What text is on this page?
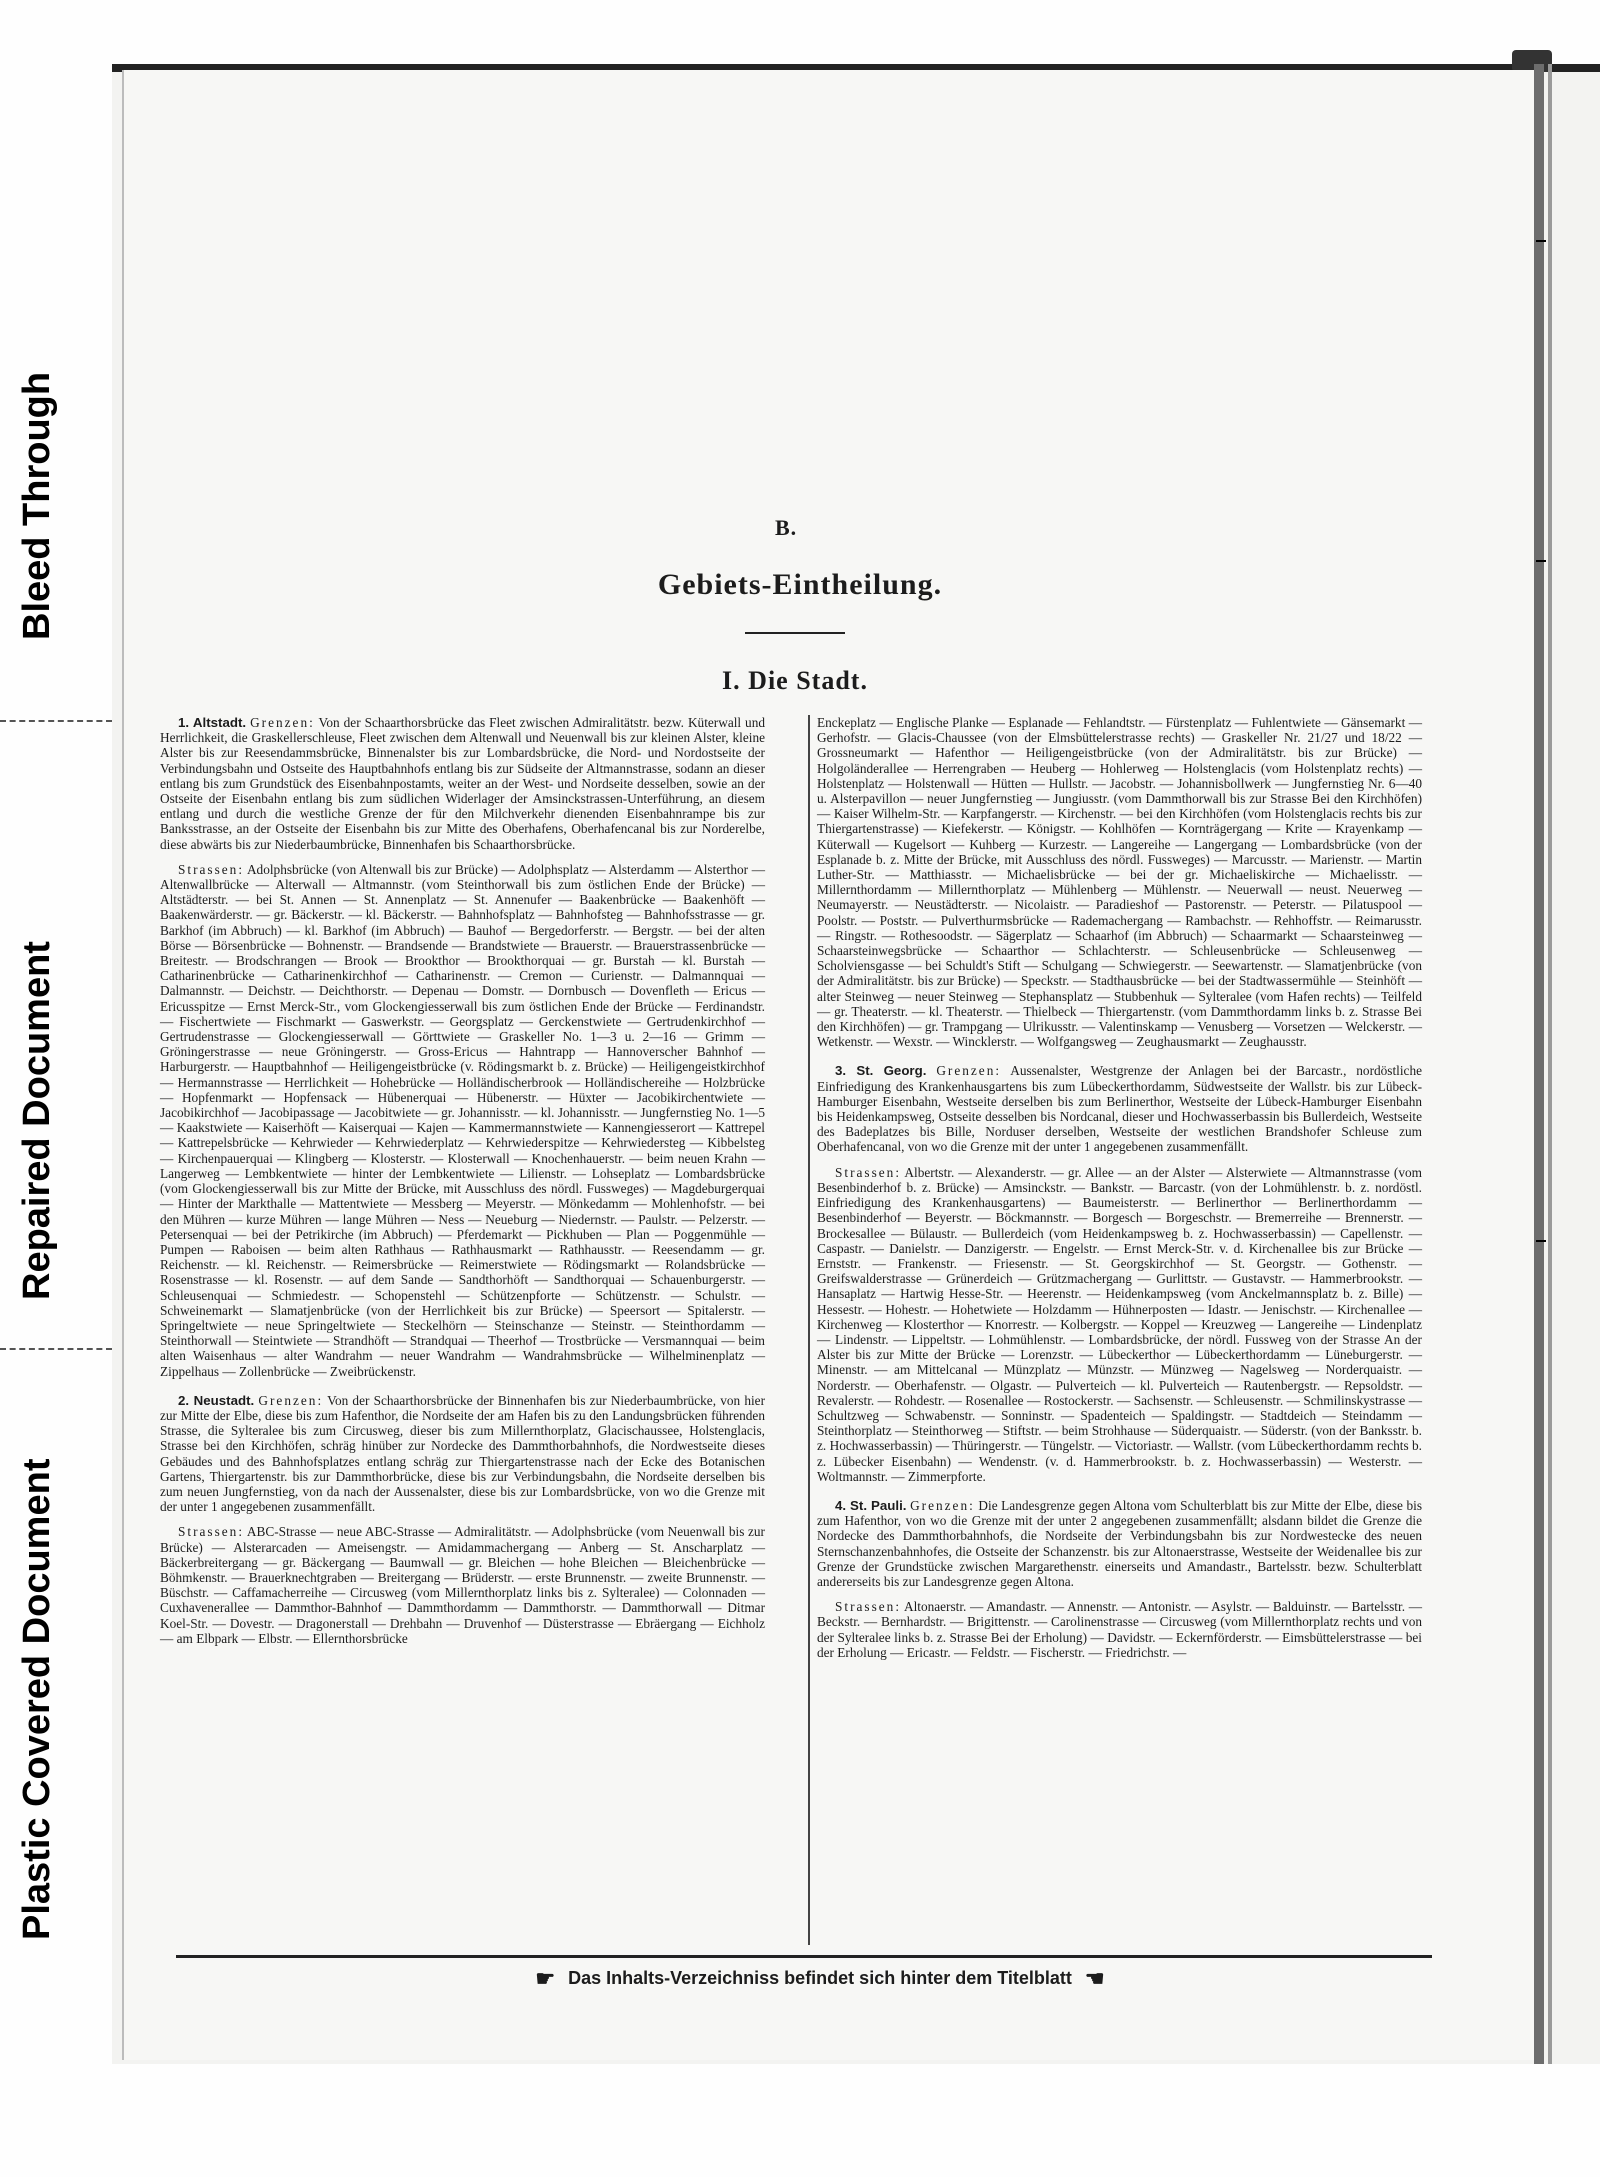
Bleed Through
Repaired Document
Plastic Covered Document
B.
Gebiets-Eintheilung.
I. Die Stadt.

1. Altstadt. Grenzen: Von der Schaarthorsbrücke das Fleet zwischen Admiralitätstr. bezw. Küterwall und Herrlichkeit, die Graskellerschleuse, Fleet zwischen dem Altenwall und Neuenwall bis zur kleinen Alster, kleine Alster bis zur Reesendammsbrücke, Binnenalster bis zur Lombardsbrücke, die Nord- und Nordostseite der Verbindungsbahn und Ostseite des Hauptbahnhofs entlang bis zur Südseite der Altmannstrasse, sodann an dieser entlang bis zum Grundstück des Eisenbahnpostamts, weiter an der West- und Nordseite desselben, sowie an der Ostseite der Eisenbahn entlang bis zum südlichen Widerlager der Amsinckstrassen-Unterführung, an diesem entlang und durch die westliche Grenze der für den Milchverkehr dienenden Eisenbahnrampe bis zur Banksstrasse, an der Ostseite der Eisenbahn bis zur Mitte des Oberhafens, Oberhafencanal bis zur Norderelbe, diese abwärts bis zur Niederbaumbrücke, Binnenhafen bis Schaarthorsbrücke.

Strassen: Adolphsbrücke (von Altenwall bis zur Brücke) — Adolphsplatz — Alsterdamm — Alsterthor — Altenwallbrücke — Alterwall — Altmannstr. (vom Steinthorwall bis zum östlichen Ende der Brücke) — Altstädterstr. — bei St. Annen — St. Annenplatz — St. Annenufer — Baakenbrücke — Baakenhöft — Baakenwärderstr. — gr. Bäckerstr. — kl. Bäckerstr. — Bahnhofsplatz — Bahnhofsteg — Bahnhofsstrasse — gr. Barkhof (im Abbruch) — kl. Barkhof (im Abbruch) — Bauhof — Bergedorferstr. — Bergstr. — bei der alten Börse — Börsenbrücke — Bohnenstr. — Brandsende — Brandstwiete — Brauerstr. — Brauerstrassenbrücke — Breitestr. — Brodschrangen — Brook — Brookthor — Brookthorquai — gr. Burstah — kl. Burstah — Catharinenbrücke — Catharinenkirchhof — Catharinenstr. — Cremon — Curienstr. — Dalmannquai — Dalmannstr. — Deichstr. — Deichthorstr. — Depenau — Domstr. — Dornbusch — Dovenfleth — Ericus — Ericusspitze — Ernst Merck-Str., vom Glockengiesserwall bis zum östlichen Ende der Brücke — Ferdinandstr. — Fischertwiete — Fischmarkt — Gaswerkstr. — Georgsplatz — Gerckenstwiete — Gertrudenkirchhof — Gertrudenstrasse — Glockengiesserwall — Görttwiete — Graskeller No. 1—3 u. 2—16 — Grimm — Gröningerstrasse — neue Gröningerstr. — Gross-Ericus — Hahntrapp — Hannoverscher Bahnhof — Harburgerstr. — Hauptbahnhof — Heiligengeistbrücke (v. Rödingsmarkt b. z. Brücke) — Heiligengeistkirchhof — Hermannstrasse — Herrlichkeit — Hohebrücke — Holländischerbrook — Holländischereihe — Holzbrücke — Hopfenmarkt — Hopfensack — Hübenerquai — Hübenerstr. — Hüxter — Jacobikirchentwiete — Jacobikirchhof — Jacobipassage — Jacobitwiete — gr. Johannisstr. — kl. Johannisstr. — Jungfernstieg No. 1—5 — Kaakstwiete — Kaiserhöft — Kaiserquai — Kajen — Kammermannstwiete — Kannengiesserort — Kattrepel — Kattrepelsbrücke — Kehrwieder — Kehrwiederplatz — Kehrwiederspitze — Kehrwiedersteg — Kibbelsteg — Kirchenpauerquai — Klingberg — Klosterstr. — Klosterwall — Knochenhauerstr. — beim neuen Krahn — Langerweg — Lembkentwiete — hinter der Lembkentwiete — Lilienstr. — Lohseplatz — Lombardsbrücke (vom Glockengiesserwall bis zur Mitte der Brücke, mit Ausschluss des nördl. Fussweges) — Magdeburgerquai — Hinter der Markthalle — Mattentwiete — Messberg — Meyerstr. — Mönkedamm — Mohlenhofstr. — bei den Mühren — kurze Mühren — lange Mühren — Ness — Neueburg — Niedernstr. — Paulstr. — Pelzerstr. — Petersenquai — bei der Petrikirche (im Abbruch) — Pferdemarkt — Pickhuben — Plan — Poggenmühle — Pumpen — Raboisen — beim alten Rathhaus — Rathhausmarkt — Rathhausstr. — Reesendamm — gr. Reichenstr. — kl. Reichenstr. — Reimersbrücke — Reimerstwiete — Rödingsmarkt — Rolandsbrücke — Rosenstrasse — kl. Rosenstr. — auf dem Sande — Sandthorhöft — Sandthorquai — Schauenburgerstr. — Schleusenquai — Schmiedestr. — Schopenstehl — Schützenpforte — Schützenstr. — Schulstr. — Schweinemarkt — Slamatjenbrücke (von der Herrlichkeit bis zur Brücke) — Speersort — Spitalerstr. — Springeltwiete — neue Springeltwiete — Steckelhörn — Steinschanze — Steinstr. — Steinthordamm — Steinthorwall — Steintwiete — Strandhöft — Strandquai — Theerhof — Trostbrücke — Versmannquai — beim alten Waisenhaus — alter Wandrahm — neuer Wandrahm — Wandrahmsbrücke — Wilhelminenplatz — Zippelhaus — Zollenbrücke — Zweibrückenstr.

2. Neustadt. Grenzen: Von der Schaarthorsbrücke der Binnenhafen bis zur Niederbaumbrücke, von hier zur Mitte der Elbe, diese bis zum Hafenthor, die Nordseite der am Hafen bis zu den Landungsbrücken führenden Strasse, die Sylteralee bis zum Circusweg, dieser bis zum Millernthorplatz, Glacischaussee, Holstenglacis, Strasse bei den Kirchhöfen, schräg hinüber zur Nordecke des Dammthorbahnhofs, die Nordwestseite dieses Gebäudes und des Bahnhofsplatzes entlang schräg zur Thiergartenstrasse nach der Ecke des Botanischen Gartens, Thiergartenstr. bis zur Dammthorbrücke, diese bis zur Verbindungsbahn, die Nordseite derselben bis zum neuen Jungfernstieg, von da nach der Aussenalster, diese bis zur Lombardsbrücke, von wo die Grenze mit der unter 1 angegebenen zusammenfällt.

Strassen: ABC-Strasse — neue ABC-Strasse — Admiralitätstr. — Adolphsbrücke (vom Neuenwall bis zur Brücke) — Alsterarcaden — Ameisengstr. — Amidammachergang — Anberg — St. Anscharplatz — Bäckerbreitergang — gr. Bäckergang — Baumwall — gr. Bleichen — hohe Bleichen — Bleichenbrücke — Böhmkenstr. — Brauerknechtgraben — Breitergang — Brüderstr. — erste Brunnenstr. — zweite Brunnenstr. — Büschstr. — Caffamacherreihe — Circusweg (vom Millernthorplatz links bis z. Sylteralee) — Colonnaden — Cuxhavenerallee — Dammthor-Bahnhof — Dammthordamm — Dammthorstr. — Dammthorwall — Ditmar Koel-Str. — Dovestr. — Dragonerstall — Drehbahn — Druvenhof — Düsterstrasse — Ebräergang — Eichholz — am Elbpark — Elbstr. — Ellernthorsbrücke

Enckeplatz — Englische Planke — Esplanade — Fehlandtstr. — Fürstenplatz — Fuhlentwiete — Gänsemarkt — Gerhofstr. — Glacis-Chaussee (von der Elmsbüttelerstrasse rechts) — Graskeller Nr. 21/27 und 18/22 — Grossneumarkt — Hafenthor — Heiligengeistbrücke (von der Admiralitätstr. bis zur Brücke) — Holgoländerallee — Herrengraben — Heuberg — Hohlerweg — Holstenglacis (vom Holstenplatz rechts) — Holstenplatz — Holstenwall — Hütten — Hullstr. — Jacobstr. — Johannisbollwerk — Jungfernstieg Nr. 6—40 u. Alsterpavillon — neuer Jungfernstieg — Jungiusstr. (vom Dammthorwall bis zur Strasse Bei den Kirchhöfen) — Kaiser Wilhelm-Str. — Karpfangerstr. — Kirchenstr. — bei den Kirchhöfen (vom Holstenglacis rechts bis zur Thiergartenstrasse) — Kiefekerstr. — Königstr. — Kohlhöfen — Kornträgergang — Krite — Krayenkamp — Küterwall — Kugelsort — Kuhberg — Kurzestr. — Langereihe — Langergang — Lombardsbrücke (von der Esplanade b. z. Mitte der Brücke, mit Ausschluss des nördl. Fussweges) — Marcusstr. — Marienstr. — Martin Luther-Str. — Matthiasstr. — Michaelisbrücke — bei der gr. Michaeliskirche — Michaelisstr. — Millernthordamm — Millernthorplatz — Mühlenberg — Mühlenstr. — Neuerwall — neust. Neuerweg — Neumayerstr. — Neustädterstr. — Nicolaistr. — Paradieshof — Pastorenstr. — Peterstr. — Pilatuspool — Poolstr. — Poststr. — Pulverthurmsbrücke — Rademachergang — Rambachstr. — Rehhoffstr. — Reimarusstr. — Ringstr. — Rothesoodstr. — Sägerplatz — Schaarhof (im Abbruch) — Schaarmarkt — Schaarsteinweg — Schaarsteinwegsbrücke — Schaarthor — Schlachterstr. — Schleusenbrücke — Schleusenweg — Scholviensgasse — bei Schuldt's Stift — Schulgang — Schwiegerstr. — Seewartenstr. — Slamatjenbrücke (von der Admiralitätstr. bis zur Brücke) — Speckstr. — Stadthausbrücke — bei der Stadtwassermühle — Steinhöft — alter Steinweg — neuer Steinweg — Stephansplatz — Stubbenhuk — Sylteralee (vom Hafen rechts) — Teilfeld — gr. Theaterstr. — kl. Theaterstr. — Thielbeck — Thiergartenstr. (vom Dammthordamm links b. z. Strasse Bei den Kirchhöfen) — gr. Trampgang — Ulrikusstr. — Valentinskamp — Venusberg — Vorsetzen — Welckerstr. — Wetkenstr. — Wexstr. — Wincklerstr. — Wolfgangsweg — Zeughausmarkt — Zeughausstr.

3. St. Georg. Grenzen: Aussenalster, Westgrenze der Anlagen bei der Barcastr., nordöstliche Einfriedigung des Krankenhausgartens bis zum Lübeckerthordamm, Südwestseite der Wallstr. bis zur Lübeck-Hamburger Eisenbahn, Westseite derselben bis zum Berlinerthor, Westseite der Lübeck-Hamburger Eisenbahn bis Heidenkampsweg, Ostseite desselben bis Nordcanal, dieser und Hochwasserbassin bis Bullerdeich, Westseite des Badeplatzes bis Bille, Norduser derselben, Westseite der westlichen Brandshofer Schleuse zum Oberhafencanal, von wo die Grenze mit der unter 1 angegebenen zusammenfällt.

Strassen: Albertstr. — Alexanderstr. — gr. Allee — an der Alster — Alsterwiete — Altmannstrasse (vom Besenbinderhof b. z. Brücke) — Amsinckstr. — Bankstr. — Barcastr. (von der Lohmühlenstr. b. z. nordöstl. Einfriedigung des Krankenhausgartens) — Baumeisterstr. — Berlinerthor — Berlinerthordamm — Besenbinderhof — Beyerstr. — Böckmannstr. — Borgesch — Borgeschstr. — Bremerreihe — Brennerstr. — Brockesallee — Bülaustr. — Bullerdeich (vom Heidenkampsweg b. z. Hochwasserbassin) — Capellenstr. — Caspastr. — Danielstr. — Danzigerstr. — Engelstr. — Ernst Merck-Str. v. d. Kirchenallee bis zur Brücke — Ernststr. — Frankenstr. — Friesenstr. — St. Georgskirchhof — St. Georgstr. — Gothenstr. — Greifswalderstrasse — Grünerdeich — Grützmachergang — Gurlittstr. — Gustavstr. — Hammerbrookstr. — Hansaplatz — Hartwig Hesse-Str. — Heerenstr. — Heidenkampsweg (vom Anckelmannsplatz b. z. Bille) — Hessestr. — Hohestr. — Hohetwiete — Holzdamm — Hühnerposten — Idastr. — Jenischstr. — Kirchenallee — Kirchenweg — Klosterthor — Knorrestr. — Kolbergstr. — Koppel — Kreuzweg — Langereihe — Lindenplatz — Lindenstr. — Lippeltstr. — Lohmühlenstr. — Lombardsbrücke, der nördl. Fussweg von der Strasse An der Alster bis zur Mitte der Brücke — Lorenzstr. — Lübeckerthor — Lübeckerthordamm — Lüneburgerstr. — Minenstr. — am Mittelcanal — Münzplatz — Münzstr. — Münzweg — Nagelsweg — Norderquaistr. — Norderstr. — Oberhafenstr. — Olgastr. — Pulverteich — kl. Pulverteich — Rautenbergstr. — Repsoldstr. — Revalerstr. — Rohdestr. — Rosenallee — Rostockerstr. — Sachsenstr. — Schleusenstr. — Schmilinskystrasse — Schultzweg — Schwabenstr. — Sonninstr. — Spadenteich — Spaldingstr. — Stadtdeich — Steindamm — Steinthorplatz — Steinthorweg — Stiftstr. — beim Strohhause — Süderquaistr. — Süderstr. (von der Banksstr. b. z. Hochwasserbassin) — Thüringerstr. — Tüngelstr. — Victoriastr. — Wallstr. (vom Lübeckerthordamm rechts b. z. Lübecker Eisenbahn) — Wendenstr. (v. d. Hammerbrookstr. b. z. Hochwasserbassin) — Westerstr. — Woltmannstr. — Zimmerpforte.

4. St. Pauli. Grenzen: Die Landesgrenze gegen Altona vom Schulterblatt bis zur Mitte der Elbe, diese bis zum Hafenthor, von wo die Grenze mit der unter 2 angegebenen zusammenfällt; alsdann bildet die Grenze die Nordecke des Dammthorbahnhofs, die Nordseite der Verbindungsbahn bis zur Nordwestecke des neuen Sternschanzenbahnhofes, die Ostseite der Schanzenstr. bis zur Altonaerstrasse, Westseite der Weidenallee bis zur Grenze der Grundstücke zwischen Margarethenstr. einerseits und Amandastr., Bartelsstr. bezw. Schulterblatt andererseits bis zur Landesgrenze gegen Altona.

Strassen: Altonaerstr. — Amandastr. — Annenstr. — Antonistr. — Asylstr. — Balduinstr. — Bartelsstr. — Beckstr. — Bernhardstr. — Brigittenstr. — Carolinenstrasse — Circusweg (vom Millernthorplatz rechts und von der Sylteralee links b. z. Strasse Bei der Erholung) — Davidstr. — Eckernförderstr. — Eimsbüttelerstrasse — bei der Erholung — Ericastr. — Feldstr. — Fischerstr. — Friedrichstr. —

☛ Das Inhalts-Verzeichniss befindet sich hinter dem Titelblatt ☚
